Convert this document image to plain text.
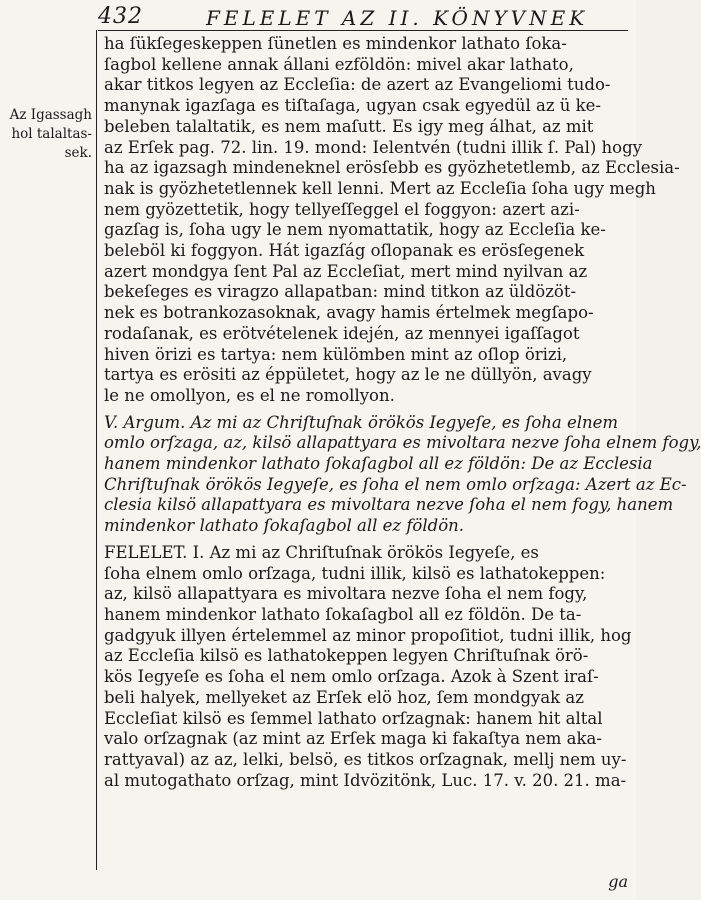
432	FELELET AZ II. KÖNYVNEK
Az Igassagh
hol talaltas-
sek.
ha ſükſegeskeppen ſünetlen es mindenkor lathato ſoka-
ſagbol kellene annak állani ezföldön: mivel akar lathato,
akar titkos legyen az Eccleſia: de azert az Evangeliomi tudo-
manynak igazſaga es tiſtaſaga, ugyan csak egyedül az ü ke-
beleben talaltatik, es nem maſutt. Es igy meg álhat, az mit
az Erſek pag. 72. lin. 19. mond: Ielentvén (tudni illik ſ. Pal) hogy
ha az igazsagh mindeneknel erösſebb es gyözhetetlemb, az Ecclesia-
nak is gyözhetetlennek kell lenni. Mert az Eccleſia ſoha ugy megh
nem gyözettetik, hogy tellyeſſeggel el foggyon: azert azi-
gazſag is, ſoha ugy le nem nyomattatik, hogy az Eccleſia ke-
beleböl ki foggyon. Hát igazſág oſlopanak es erösſegenek
azert mondgya ſent Pal az Eccleſiat, mert mind nyilvan az
bekeſeges es viragzo allapatban: mind titkon az üldözöt-
nek es botrankozasoknak, avagy hamis értelmek megſapo-
rodaſanak, es erötvételenek idején, az mennyei igaſſagot
hiven örizi es tartya: nem külömben mint az oſlop örizi,
tartya es erösiti az éppületet, hogy az le ne düllyön, avagy
le ne omollyon, es el ne romollyon.
V. Argum. Az mi az Chriſtuſnak örökös Iegyeſe, es ſoha elnem
omlo orſzaga, az, kilsö allapattyara es mivoltara nezve ſoha elnem fogy,
hanem mindenkor lathato ſokaſagbol all ez földön: De az Ecclesia
Chriſtuſnak örökös Iegyeſe, es ſoha el nem omlo orſzaga: Azert az Ec-
clesia kilsö allapattyara es mivoltara nezve ſoha el nem fogy, hanem
mindenkor lathato ſokaſagbol all ez földön.
FELELET. I. Az mi az Chriſtuſnak örökös Iegyeſe, es
ſoha elnem omlo orſzaga, tudni illik, kilsö es lathatokeppen:
az, kilsö allapattyara es mivoltara nezve ſoha el nem fogy,
hanem mindenkor lathato ſokaſagbol all ez földön. De ta-
gadgyuk illyen értelemmel az minor propoſitiot, tudni illik, hog
az Eccleſia kilsö es lathatokeppen legyen Chriſtuſnak örö-
kös Iegyeſe es ſoha el nem omlo orſzaga. Azok à Szent iraſ-
beli halyek, mellyeket az Erſek elö hoz, ſem mondgyak az
Eccleſiat kilsö es ſemmel lathato orſzagnak: hanem hit altal
valo orſzagnak (az mint az Erſek maga ki fakaſtya nem aka-
rattyaval) az az, lelki, belsö, es titkos orſzagnak, mellj nem uy-
al mutogathato orſzag, mint Idvözitönk, Luc. 17. v. 20. 21. ma-
ga
